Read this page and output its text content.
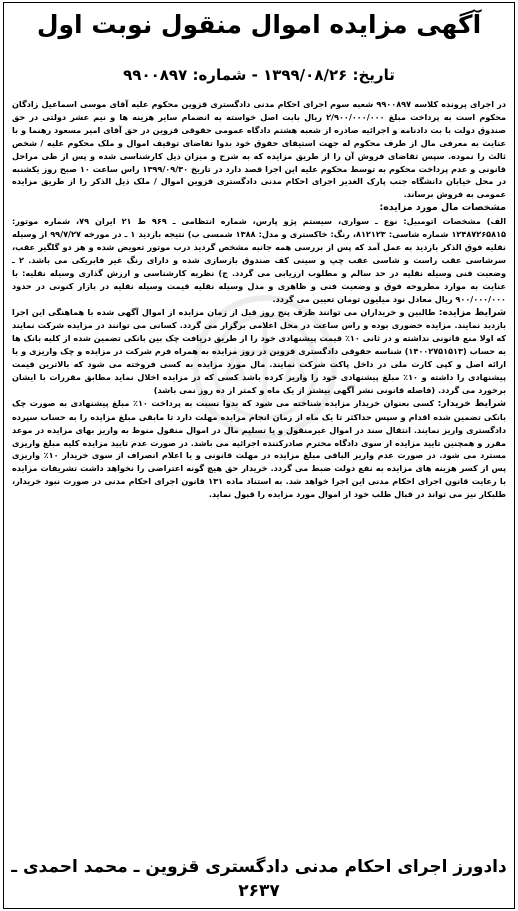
آگهی مزایده اموال منقول نوبت اول
تاریخ: ۱۳۹۹/۰۸/۲۶ - شماره: ۹۹۰۰۸۹۷

در اجرای پرونده کلاسه ۹۹۰۰۸۹۷ شعبه سوم اجرای احکام مدنی دادگستری قزوین محکوم علیه آقای موسی اسماعیل زادگان محکوم است به پرداخت مبلغ ۲/۹۰۰/۰۰۰/۰۰۰ ریال بابت اصل خواسته به انضمام سایر هزینه ها و نیم عشر دولتی در حق صندوق دولت با بت دادنامه و اجرائیه صادره از شعبه هشتم دادگاه عمومی حقوقی قزوین در حق آقای امیر مسعود رهنما و با عنایت به معرفی مال از طرف محکوم له جهت استیفای حقوق خود بدوا تقاضای توقیف اموال و ملک محکوم علیه / شخص ثالث را نموده. سپس تقاضای فروش آن را از طریق مزایده که به شرح و میزان ذیل کارشناسی شده و پس از طی مراحل قانونی و عدم پرداخت محکوم به توسط محکوم علیه این اجرا قصد دارد در تاریخ ۱۳۹۹/۰۹/۳۰ راس ساعت ۱۰ صبح روز یکشنبه در محل خیابان دانشگاه جنب پارک الغدیر اجرای احکام مدنی دادگستری قزوین اموال / ملک ذیل الذکر را از طریق مزایده عمومی به فروش برساند.

مشخصات مال مورد مزایده:

الف) مشخصات اتومبیل: نوع ـ سواری، سیستم پژو پارس، شماره انتظامی ـ ۹۶۹ ط ۲۱ ایران ۷۹، شماره موتور: ۱۲۴۸۷۲۶۵۸۱۵ شماره شاسی: ۸۱۲۱۲۳، رنگ: خاکستری و مدل: ۱۳۸۸ شمسی ب) نتیجه بازدید ۱ ـ در مورخه ۹۹/۷/۲۷ از وسیله نقلیه فوق الذکر بازدید به عمل آمد که پس از بررسی همه جانبه مشخص گردید درب موتور تعویض شده و هر دو گلگیر عقب، سرشاسی عقب راست و شاسی عقب چپ و سینی کف صندوق بازسازی شده و دارای رنگ غیر فابریکی می باشد. ۲ ـ وضعیت فنی وسیله نقلیه در حد سالم و مطلوب ارزیابی می گردد. ج) نظریه کارشناسی و ارزش گذاری وسیله نقلیه: با عنایت به موارد مطروحه فوق و وضعیت فنی و ظاهری و مدل وسیله نقلیه قیمت وسیله نقلیه در بازار کنونی در حدود ۹۰۰/۰۰۰/۰۰۰ ریال معادل نود میلیون تومان تعیین می گردد.

شرایط مزایده: طالبین و خریداران می توانند ظرف پنج روز قبل از زمان مزایده از اموال آگهی شده با هماهنگی این اجرا بازدید نمایند. مزایده حضوری بوده و راس ساعت در محل اعلامی برگزار می گردد. کسانی می توانند در مزایده شرکت نمایند که اولا منع قانونی نداشته و در ثانی ۱۰٪ قیمت پیشنهادی خود را از طریق دریافت چک بین بانکی تضمین شده از کلیه بانک ها به حساب (۱۴۰۰۲۷۵۱۵۱۳) شناسه حقوقی دادگستری قزوین در روز مزایده به همراه فرم شرکت در مزایده و چک واریزی و یا ارائه اصل و کپی کارت ملی در داخل پاکت شرکت نمایند. مال مورد مزایده به کسی فروخته می شود که بالاترین قیمت پیشنهادی را داشته و ۱۰٪ مبلغ پیشنهادی خود را واریز کرده باشد کسی که در مزایده اخلال نماید مطابق مقررات با ایشان برخورد می گردد. (فاصله قانونی نشر آگهی بیشتر از یک ماه و کمتر از ده روز نمی باشد)

شرایط خریدار: کسی بعنوان خریدار مزایده شناخته می شود که بدوا نسبت به پرداخت ۱۰٪ مبلغ پیشنهادی به صورت چک بانکی تضمین شده اقدام و سپس حداکثر تا یک ماه از زمان انجام مزایده مهلت دارد تا مابقی مبلغ مزایده را به حساب سپرده دادگستری واریز نمایند. انتقال سند در اموال غیرمنقول و یا تسلیم مال در اموال منقول منوط به واریز بهای مزایده در موعد مقرر و همچنین تایید مزایده از سوی دادگاه محترم صادرکننده اجرائیه می باشد. در صورت عدم تایید مزایده کلیه مبلغ واریزی مسترد می شود. در صورت عدم واریز الباقی مبلغ مزایده در مهلت قانونی و یا اعلام انصراف از سوی خریدار ۱۰٪ واریزی پس از کسر هزینه های مزایده به نفع دولت ضبط می گردد. خریدار حق هیچ گونه اعتراضی را نخواهد داشت تشریفات مزایده با رعایت قانون اجرای احکام مدنی این اجرا خواهد شد. به استناد ماده ۱۳۱ قانون اجرای احکام مدنی در صورت نبود خریدار، طلبکار نیز می تواند در قبال طلب خود از اموال مورد مزایده را قبول نماید.

دادورز اجرای احکام مدنی دادگستری قزوین ـ محمد احمدی ـ ۲۶۳۷
